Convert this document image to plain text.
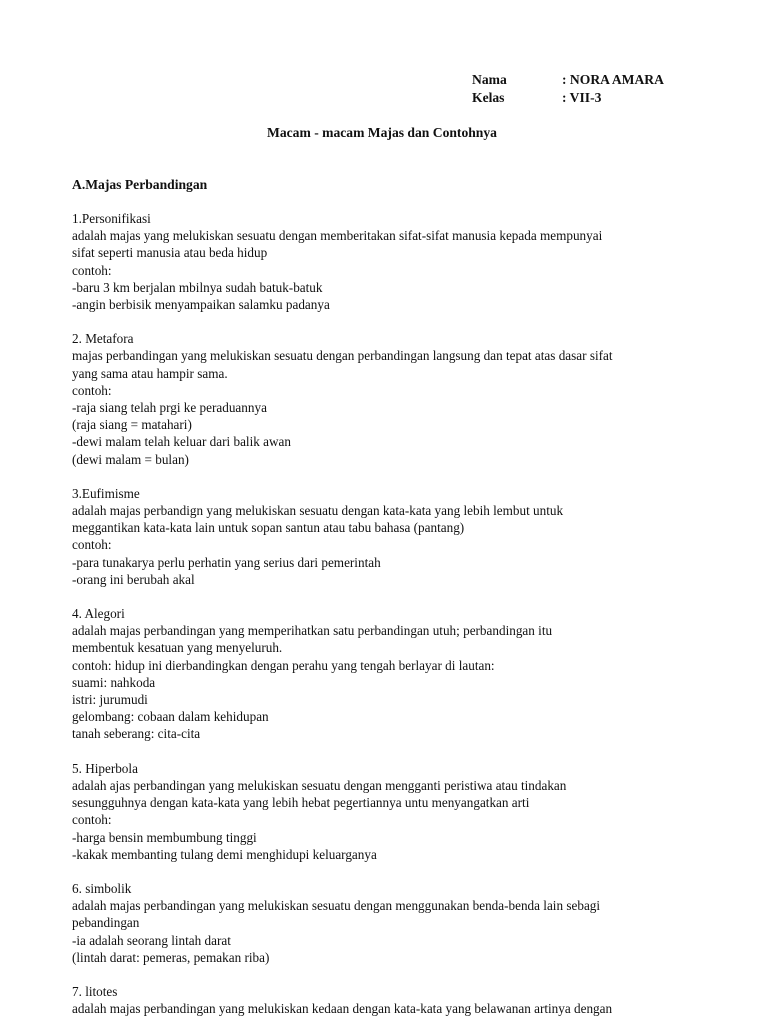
Nama	: NORA AMARA
Kelas	: VII-3
Macam - macam Majas dan Contohnya
A.Majas Perbandingan
1.Personifikasi
adalah majas yang melukiskan sesuatu dengan memberitakan sifat-sifat manusia kepada mempunyai
sifat seperti manusia atau beda hidup
contoh:
-baru 3 km berjalan mbilnya sudah batuk-batuk
-angin berbisik menyampaikan salamku padanya
2. Metafora
majas perbandingan yang melukiskan sesuatu dengan perbandingan langsung dan tepat atas dasar sifat
yang sama atau hampir sama.
contoh:
-raja siang telah prgi ke peraduannya
(raja siang = matahari)
-dewi malam telah keluar dari balik awan
(dewi malam = bulan)
3.Eufimisme
adalah majas perbandign yang melukiskan sesuatu dengan kata-kata yang lebih lembut untuk
meggantikan kata-kata lain untuk sopan santun atau tabu bahasa (pantang)
contoh:
-para tunakarya perlu perhatin yang serius dari pemerintah
-orang ini berubah akal
4. Alegori
adalah majas perbandingan yang memperihatkan satu perbandingan utuh; perbandingan itu
membentuk kesatuan yang menyeluruh.
contoh: hidup ini dierbandingkan dengan perahu yang tengah berlayar di lautan:
suami: nahkoda
istri: jurumudi
gelombang: cobaan dalam kehidupan
tanah seberang: cita-cita
5. Hiperbola
adalah ajas perbandingan yang melukiskan sesuatu dengan mengganti peristiwa atau tindakan
sesungguhnya dengan kata-kata yang lebih hebat pegertiannya untu menyangatkan arti
contoh:
-harga bensin membumbung tinggi
-kakak membanting tulang demi menghidupi keluarganya
6. simbolik
adalah majas perbandingan yang melukiskan sesuatu dengan menggunakan benda-benda lain sebagi
pebandingan
-ia adalah seorang lintah darat
(lintah darat: pemeras, pemakan riba)
7. litotes
adalah majas perbandingan yang melukiskan kedaan dengan kata-kata yang belawanan artinya dengan
